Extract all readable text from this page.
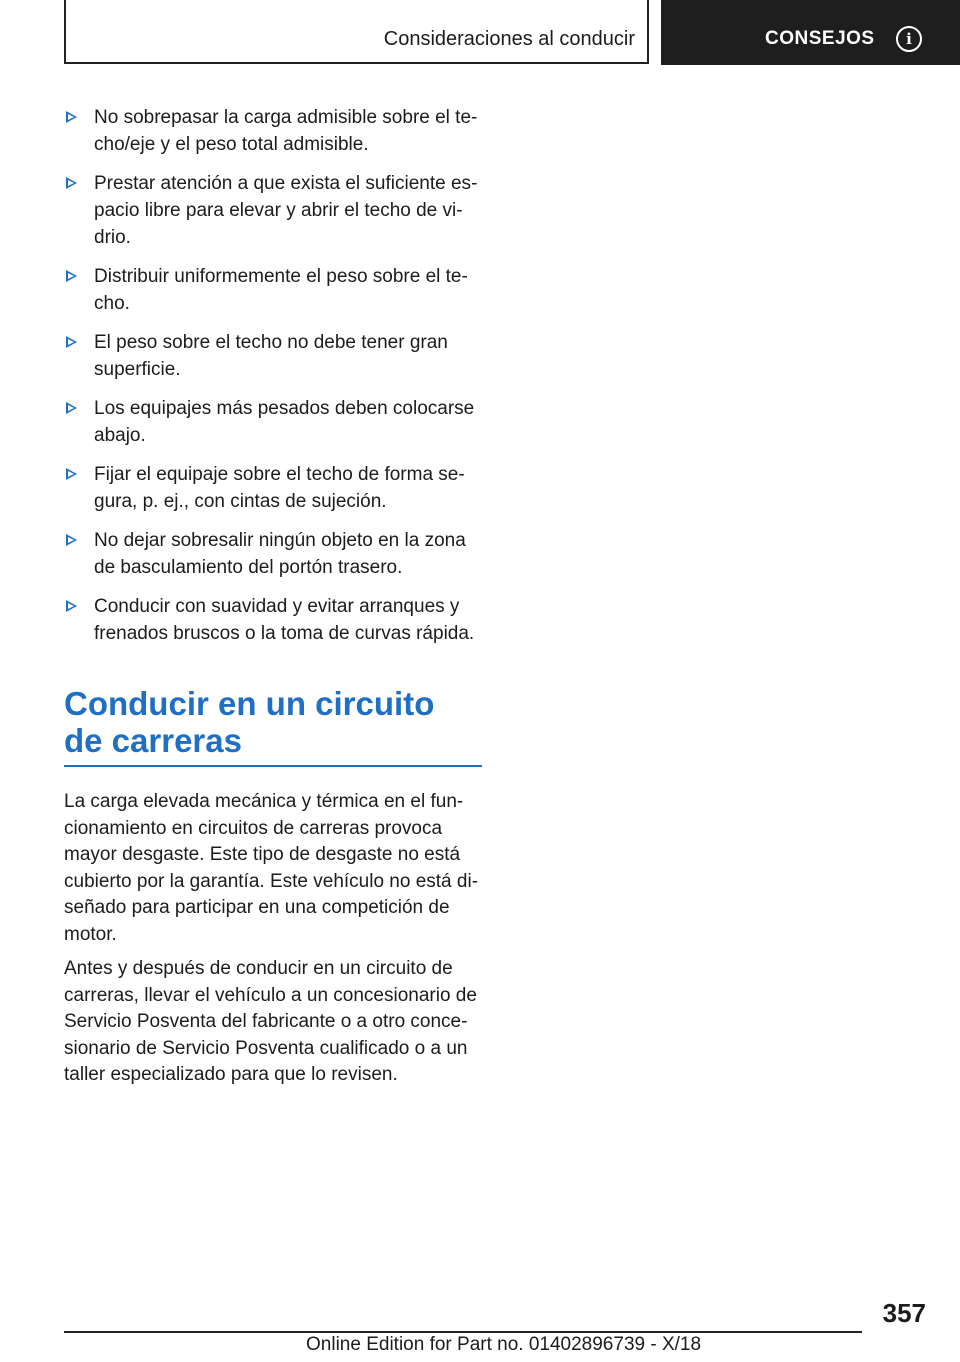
Consideraciones al conducir	CONSEJOS	i
No sobrepasar la carga admisible sobre el techo/eje y el peso total admisible.
Prestar atención a que exista el suficiente espacio libre para elevar y abrir el techo de vidrio.
Distribuir uniformemente el peso sobre el techo.
El peso sobre el techo no debe tener gran superficie.
Los equipajes más pesados deben colocarse abajo.
Fijar el equipaje sobre el techo de forma segura, p. ej., con cintas de sujeción.
No dejar sobresalir ningún objeto en la zona de basculamiento del portón trasero.
Conducir con suavidad y evitar arranques y frenados bruscos o la toma de curvas rápida.
Conducir en un circuito de carreras

La carga elevada mecánica y térmica en el funcionamiento en circuitos de carreras provoca mayor desgaste. Este tipo de desgaste no está cubierto por la garantía. Este vehículo no está diseñado para participar en una competición de motor.

Antes y después de conducir en un circuito de carreras, llevar el vehículo a un concesionario de Servicio Posventa del fabricante o a otro concesionario de Servicio Posventa cualificado o a un taller especializado para que lo revisen.

357
Online Edition for Part no. 01402896739 - X/18
